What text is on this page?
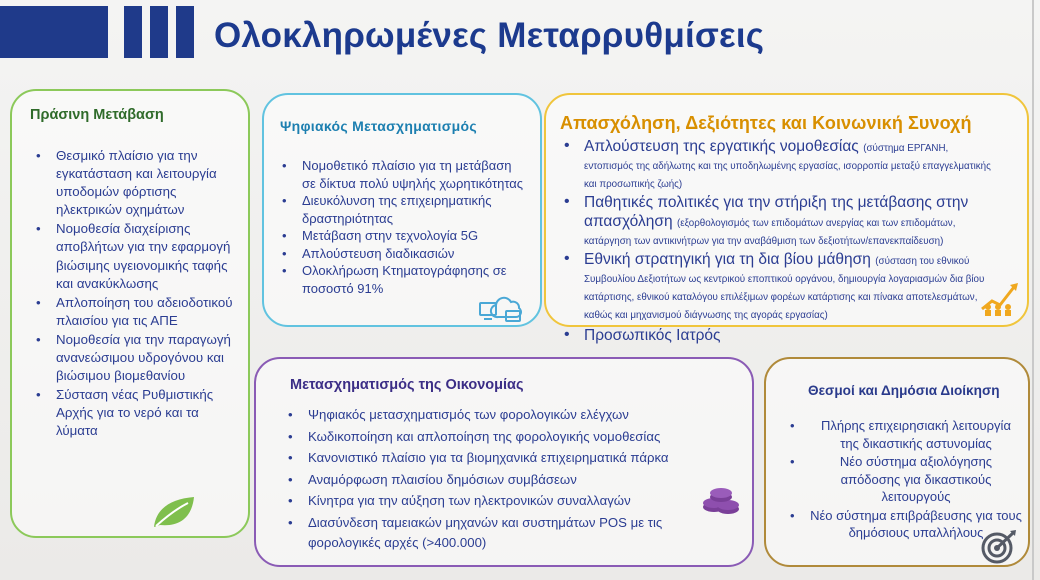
Ολοκληρωμένες Μεταρρυθμίσεις
Πράσινη Μετάβαση
• Θεσμικό πλαίσιο για την εγκατάσταση και λειτουργία υποδομών φόρτισης ηλεκτρικών οχημάτων
• Νομοθεσία διαχείρισης αποβλήτων για την εφαρμογή βιώσιμης υγειονομικής ταφής και ανακύκλωσης
• Απλοποίηση του αδειοδοτικού πλαισίου για τις ΑΠΕ
• Νομοθεσία για την παραγωγή ανανεώσιμου υδρογόνου και βιώσιμου βιομεθανίου
• Σύσταση νέας Ρυθμιστικής Αρχής για το νερό και τα λύματα
Ψηφιακός Μετασχηματισμός
• Νομοθετικό πλαίσιο για τη μετάβαση σε δίκτυα πολύ υψηλής χωρητικότητας
• Διευκόλυνση της επιχειρηματικής δραστηριότητας
• Μετάβαση στην τεχνολογία 5G
• Απλούστευση διαδικασιών
• Ολοκλήρωση Κτηματογράφησης σε ποσοστό 91%
Απασχόληση, Δεξιότητες και Κοινωνική Συνοχή
• Απλούστευση της εργατικής νομοθεσίας (σύστημα ΕΡΓΑΝΗ, εντοπισμός της αδήλωτης και της υποδηλωμένης εργασίας, ισορροπία μεταξύ επαγγελματικής και προσωπικής ζωής)
• Παθητικές πολιτικές για την στήριξη της μετάβασης στην απασχόληση (εξορθολογισμός των επιδομάτων ανεργίας και των επιδομάτων, κατάργηση των αντικινήτρων για την αναβάθμιση των δεξιοτήτων/επανεκπαίδευση)
• Εθνική στρατηγική για τη δια βίου μάθηση (σύσταση του εθνικού Συμβουλίου Δεξιοτήτων ως κεντρικού εποπτικού οργάνου, δημιουργία λογαριασμών δια βίου κατάρτισης, εθνικού καταλόγου επιλέξιμων φορέων κατάρτισης και πίνακα αποτελεσμάτων, καθώς και μηχανισμού διάγνωσης της αγοράς εργασίας)
• Προσωπικός Ιατρός
Μετασχηματισμός της Οικονομίας
• Ψηφιακός μετασχηματισμός των φορολογικών ελέγχων
• Κωδικοποίηση και απλοποίηση της φορολογικής νομοθεσίας
• Κανονιστικό πλαίσιο για τα βιομηχανικά επιχειρηματικά πάρκα
• Αναμόρφωση πλαισίου δημόσιων συμβάσεων
• Κίνητρα για την αύξηση των ηλεκτρονικών συναλλαγών
• Διασύνδεση ταμειακών μηχανών και συστημάτων POS με τις φορολογικές αρχές (>400.000)
Θεσμοί και Δημόσια Διοίκηση
• Πλήρης επιχειρησιακή λειτουργία της δικαστικής αστυνομίας
• Νέο σύστημα αξιολόγησης απόδοσης για δικαστικούς λειτουργούς
• Νέο σύστημα επιβράβευσης για τους δημόσιους υπαλλήλους
